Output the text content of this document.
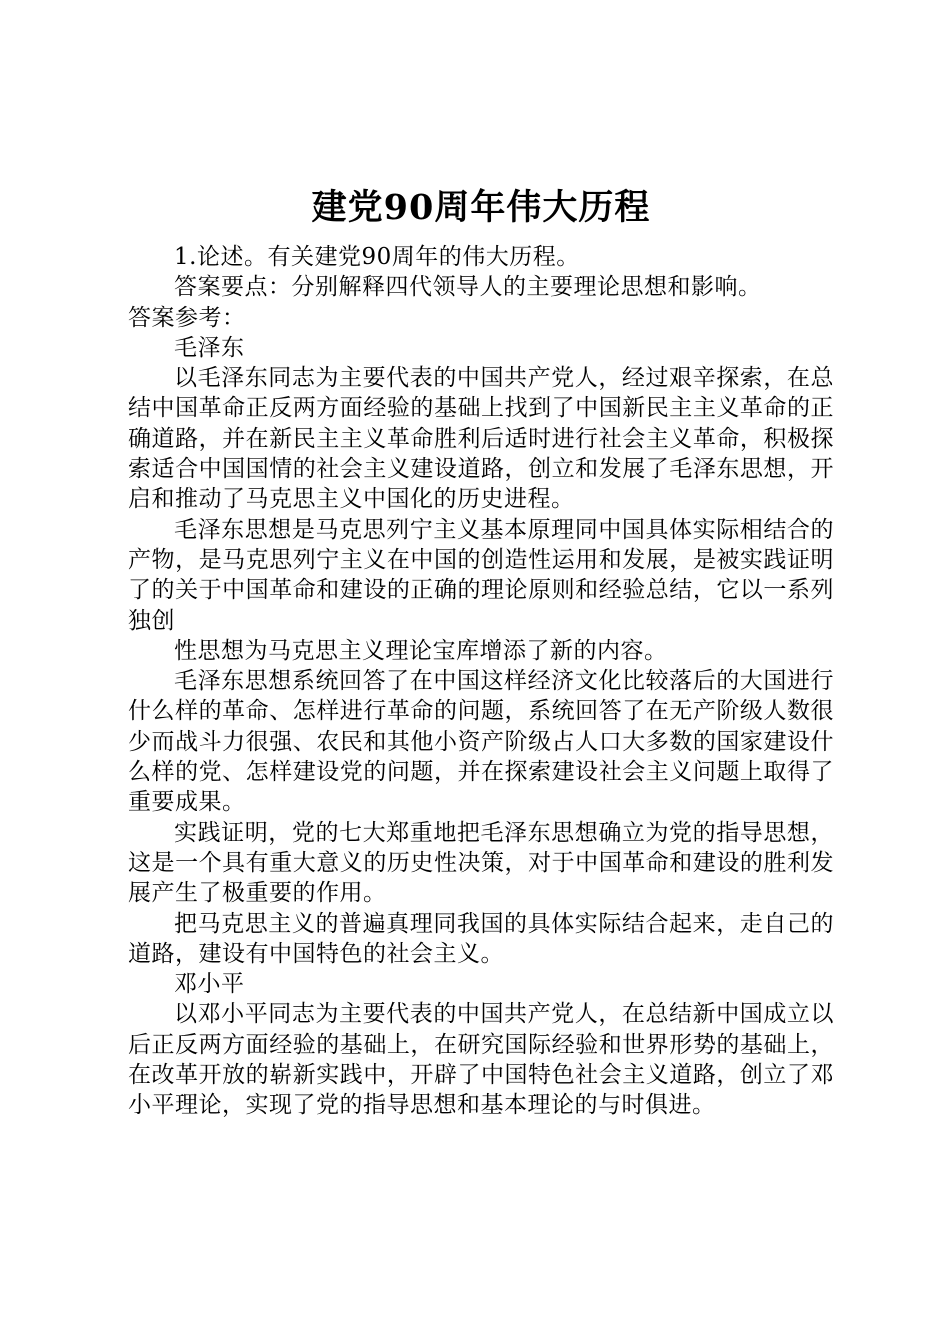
建党90周年伟大历程

1.论述。有关建党90周年的伟大历程。

答案要点：分别解释四代领导人的主要理论思想和影响。

答案参考：

毛泽东

以毛泽东同志为主要代表的中国共产党人，经过艰辛探索，在总结中国革命正反两方面经验的基础上找到了中国新民主主义革命的正确道路，并在新民主主义革命胜利后适时进行社会主义革命，积极探索适合中国国情的社会主义建设道路，创立和发展了毛泽东思想，开启和推动了马克思主义中国化的历史进程。

毛泽东思想是马克思列宁主义基本原理同中国具体实际相结合的产物，是马克思列宁主义在中国的创造性运用和发展，是被实践证明了的关于中国革命和建设的正确的理论原则和经验总结，它以一系列独创

性思想为马克思主义理论宝库增添了新的内容。

毛泽东思想系统回答了在中国这样经济文化比较落后的大国进行什么样的革命、怎样进行革命的问题，系统回答了在无产阶级人数很少而战斗力很强、农民和其他小资产阶级占人口大多数的国家建设什么样的党、怎样建设党的问题，并在探索建设社会主义问题上取得了重要成果。

实践证明，党的七大郑重地把毛泽东思想确立为党的指导思想，这是一个具有重大意义的历史性决策，对于中国革命和建设的胜利发展产生了极重要的作用。

把马克思主义的普遍真理同我国的具体实际结合起来，走自己的道路，建设有中国特色的社会主义。

邓小平

以邓小平同志为主要代表的中国共产党人，在总结新中国成立以后正反两方面经验的基础上，在研究国际经验和世界形势的基础上，在改革开放的崭新实践中，开辟了中国特色社会主义道路，创立了邓小平理论，实现了党的指导思想和基本理论的与时俱进。
